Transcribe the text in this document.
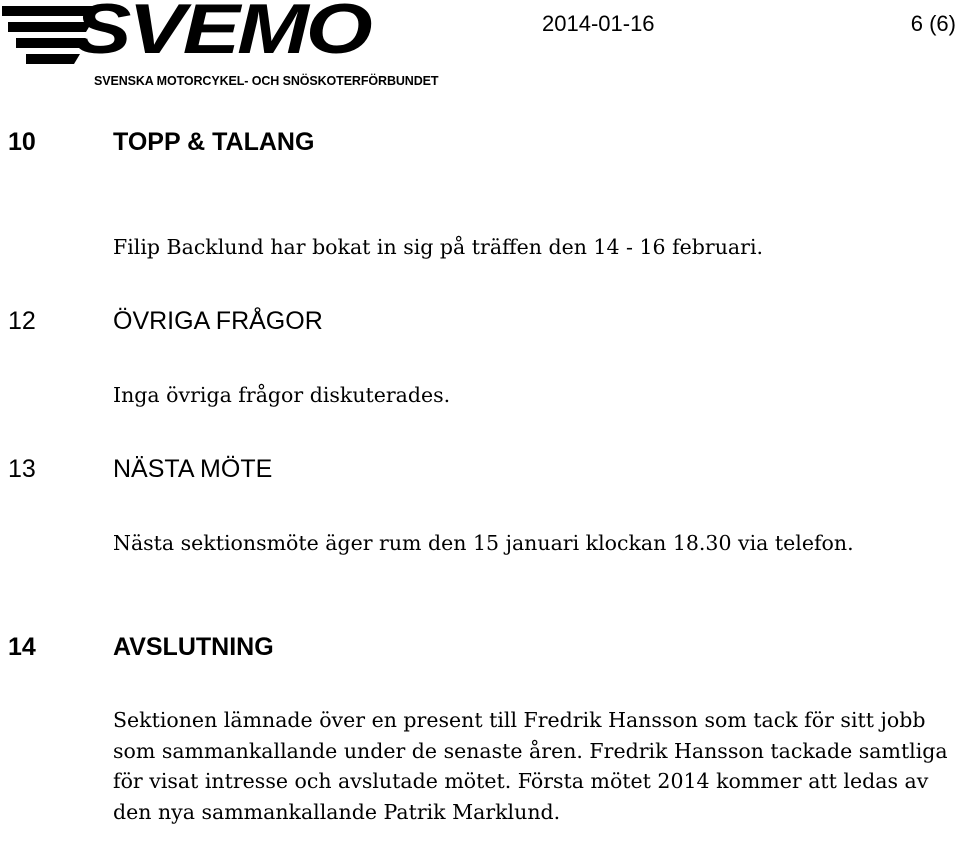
SVEMO
SVENSKA MOTORCYKEL- OCH SNÖSKOTERFÖRBUNDET
2014-01-16	6 (6)
10	TOPP & TALANG

Filip Backlund har bokat in sig på träffen den 14 - 16 februari.

12	ÖVRIGA FRÅGOR

Inga övriga frågor diskuterades.

13	NÄSTA MÖTE

Nästa sektionsmöte äger rum den 15 januari klockan 18.30 via telefon.

14	AVSLUTNING

Sektionen lämnade över en present till Fredrik Hansson som tack för sitt jobb som sammankallande under de senaste åren. Fredrik Hansson tackade samtliga för visat intresse och avslutade mötet. Första mötet 2014 kommer att ledas av den nya sammankallande Patrik Marklund.
